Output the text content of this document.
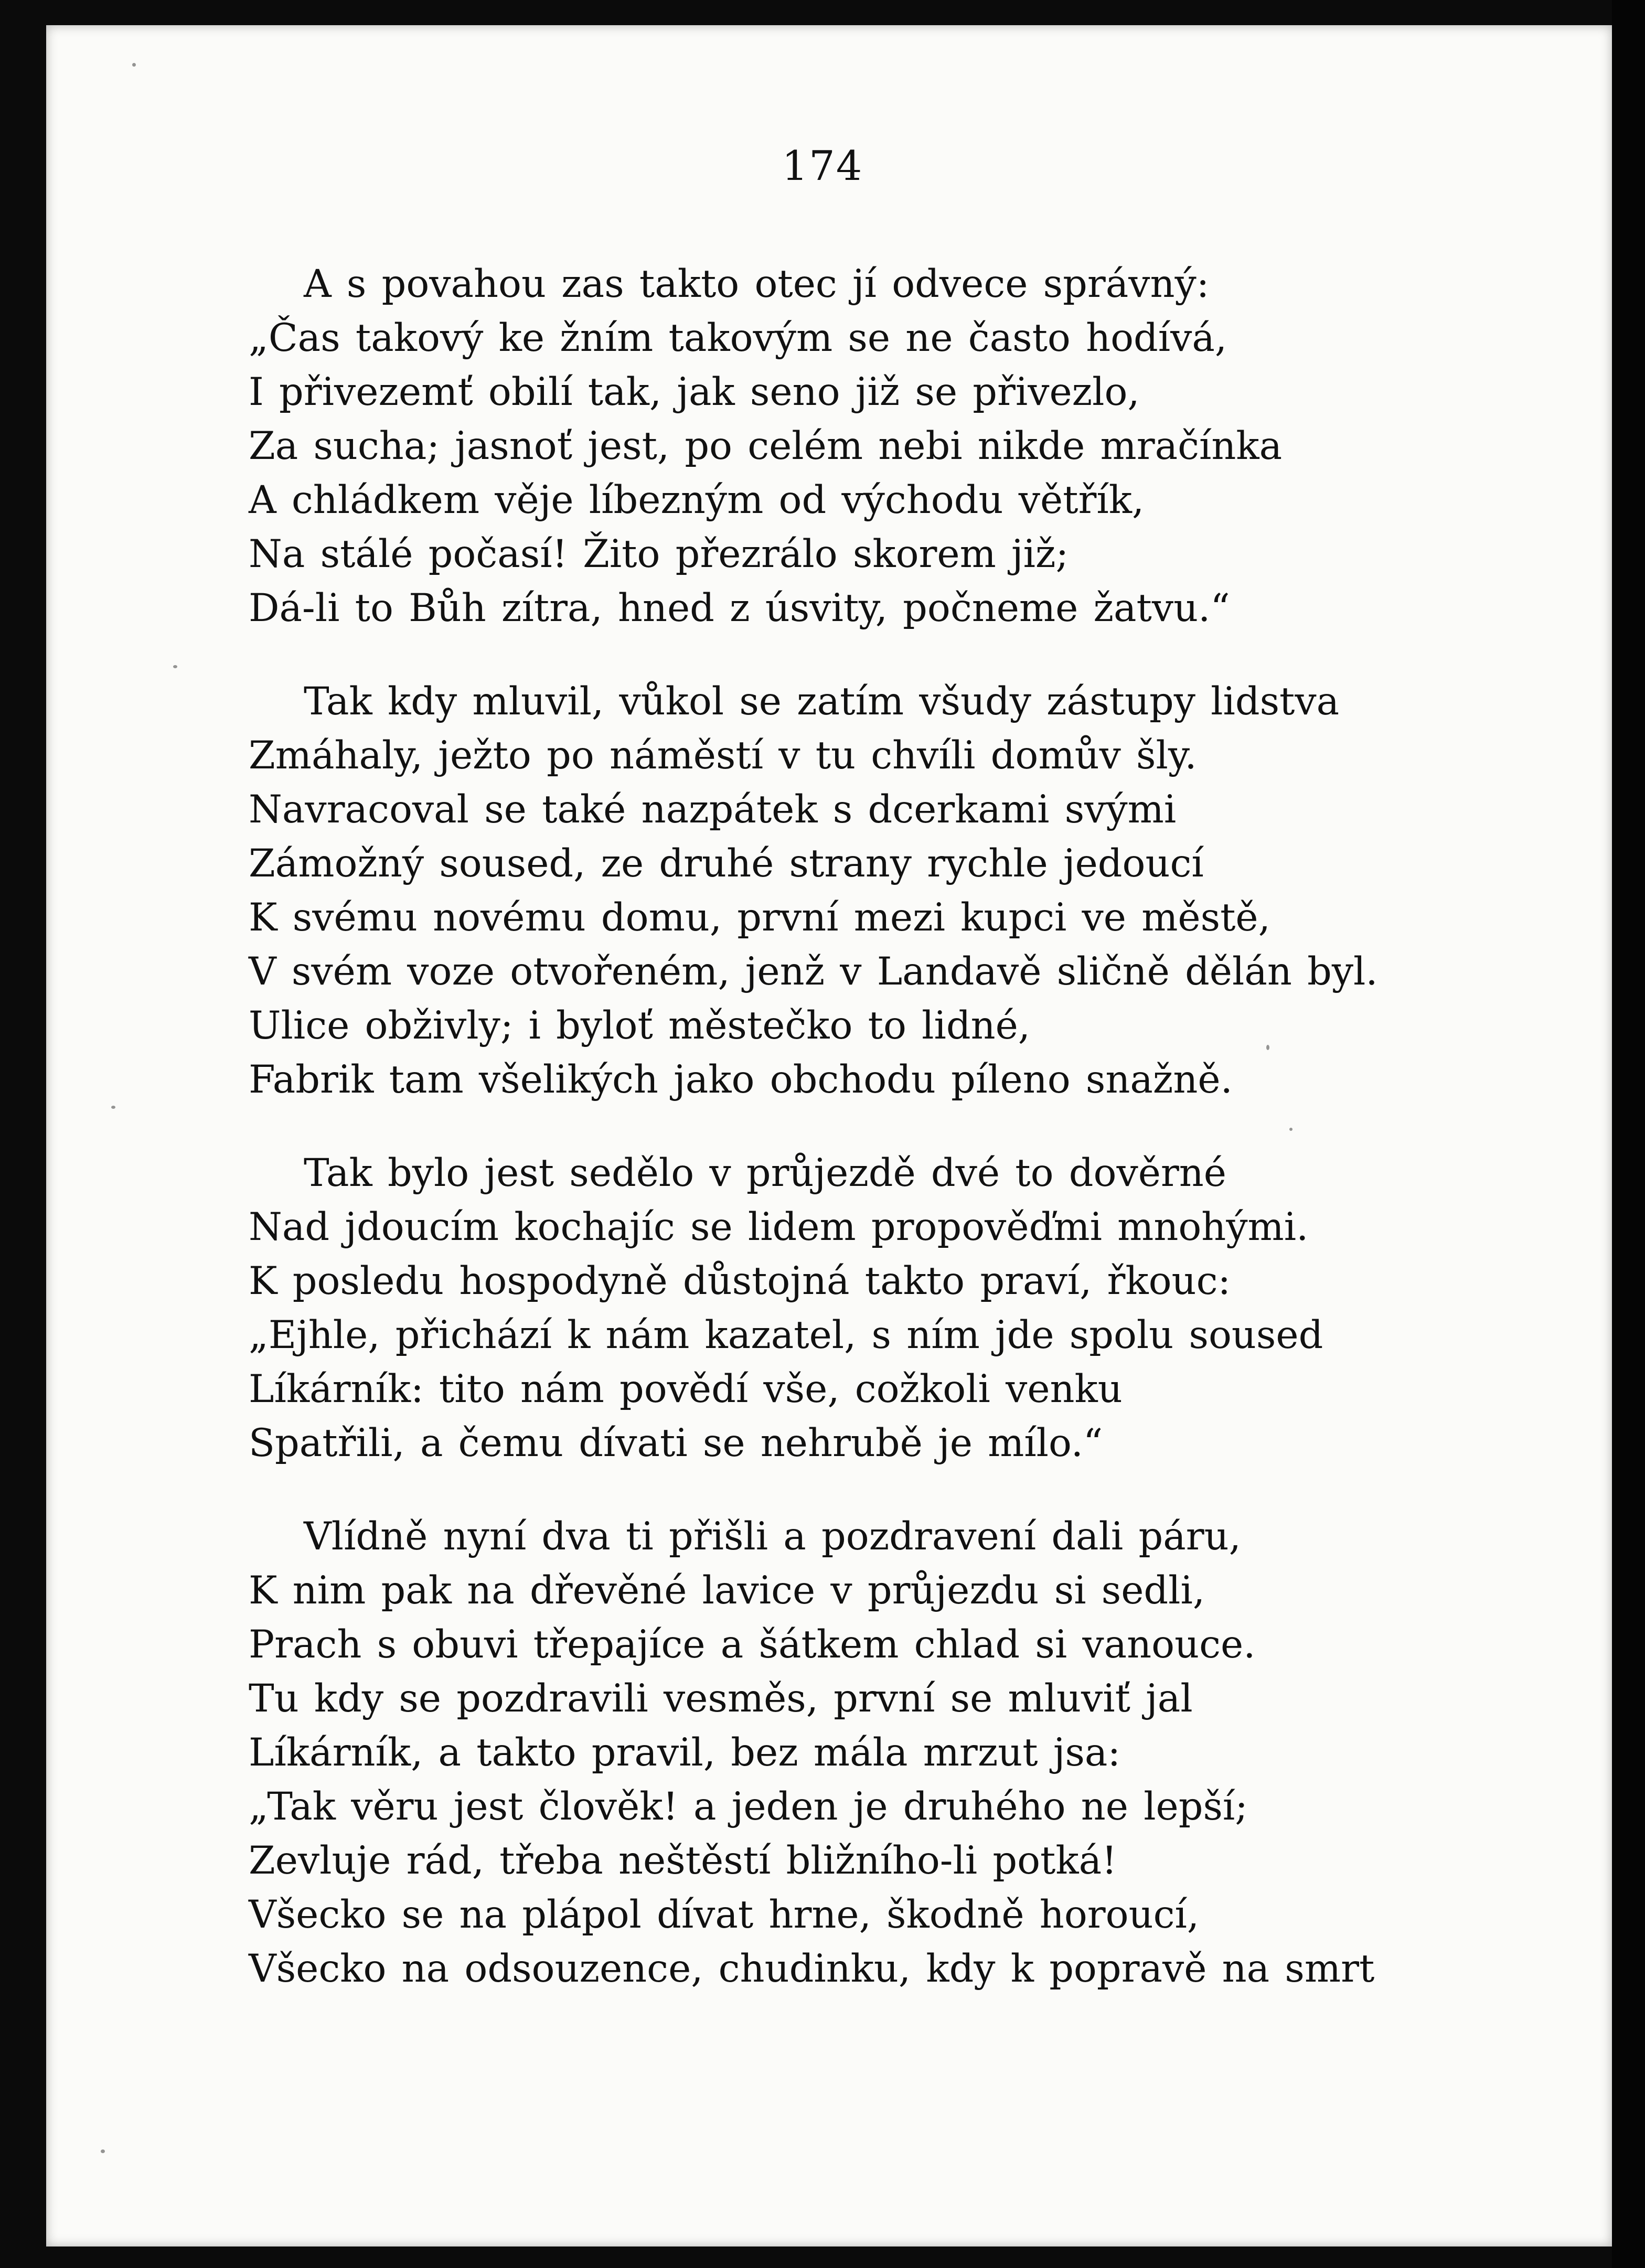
174
A s povahou zas takto otec jí odvece správný:
„Čas takový ke žním takovým se ne často hodívá,
I přivezemť obilí tak, jak seno již se přivezlo,
Za sucha; jasnoť jest, po celém nebi nikde mračínka
A chládkem věje líbezným od východu větřík,
Na stálé počasí! Žito přezrálo skorem již;
Dá-li to Bůh zítra, hned z úsvity, počneme žatvu.“
Tak kdy mluvil, vůkol se zatím všudy zástupy lidstva
Zmáhaly, ježto po náměstí v tu chvíli domův šly.
Navracoval se také nazpátek s dcerkami svými
Zámožný soused, ze druhé strany rychle jedoucí
K svému novému domu, první mezi kupci ve městě,
V svém voze otvořeném, jenž v Landavě sličně dělán byl.
Ulice obživly; i byloť městečko to lidné,
Fabrik tam všelikých jako obchodu píleno snažně.
Tak bylo jest sedělo v průjezdě dvé to dověrné
Nad jdoucím kochajíc se lidem propověďmi mnohými.
K posledu hospodyně důstojná takto praví, řkouc:
„Ejhle, přichází k nám kazatel, s ním jde spolu soused
Líkárník: tito nám povědí vše, cožkoli venku
Spatřili, a čemu dívati se nehrubě je mílo.“
Vlídně nyní dva ti přišli a pozdravení dali páru,
K nim pak na dřevěné lavice v průjezdu si sedli,
Prach s obuvi třepajíce a šátkem chlad si vanouce.
Tu kdy se pozdravili vesměs, první se mluviť jal
Líkárník, a takto pravil, bez mála mrzut jsa:
„Tak věru jest člověk! a jeden je druhého ne lepší;
Zevluje rád, třeba neštěstí bližního-li potká!
Všecko se na plápol dívat hrne, škodně horoucí,
Všecko na odsouzence, chudinku, kdy k popravě na smrt
